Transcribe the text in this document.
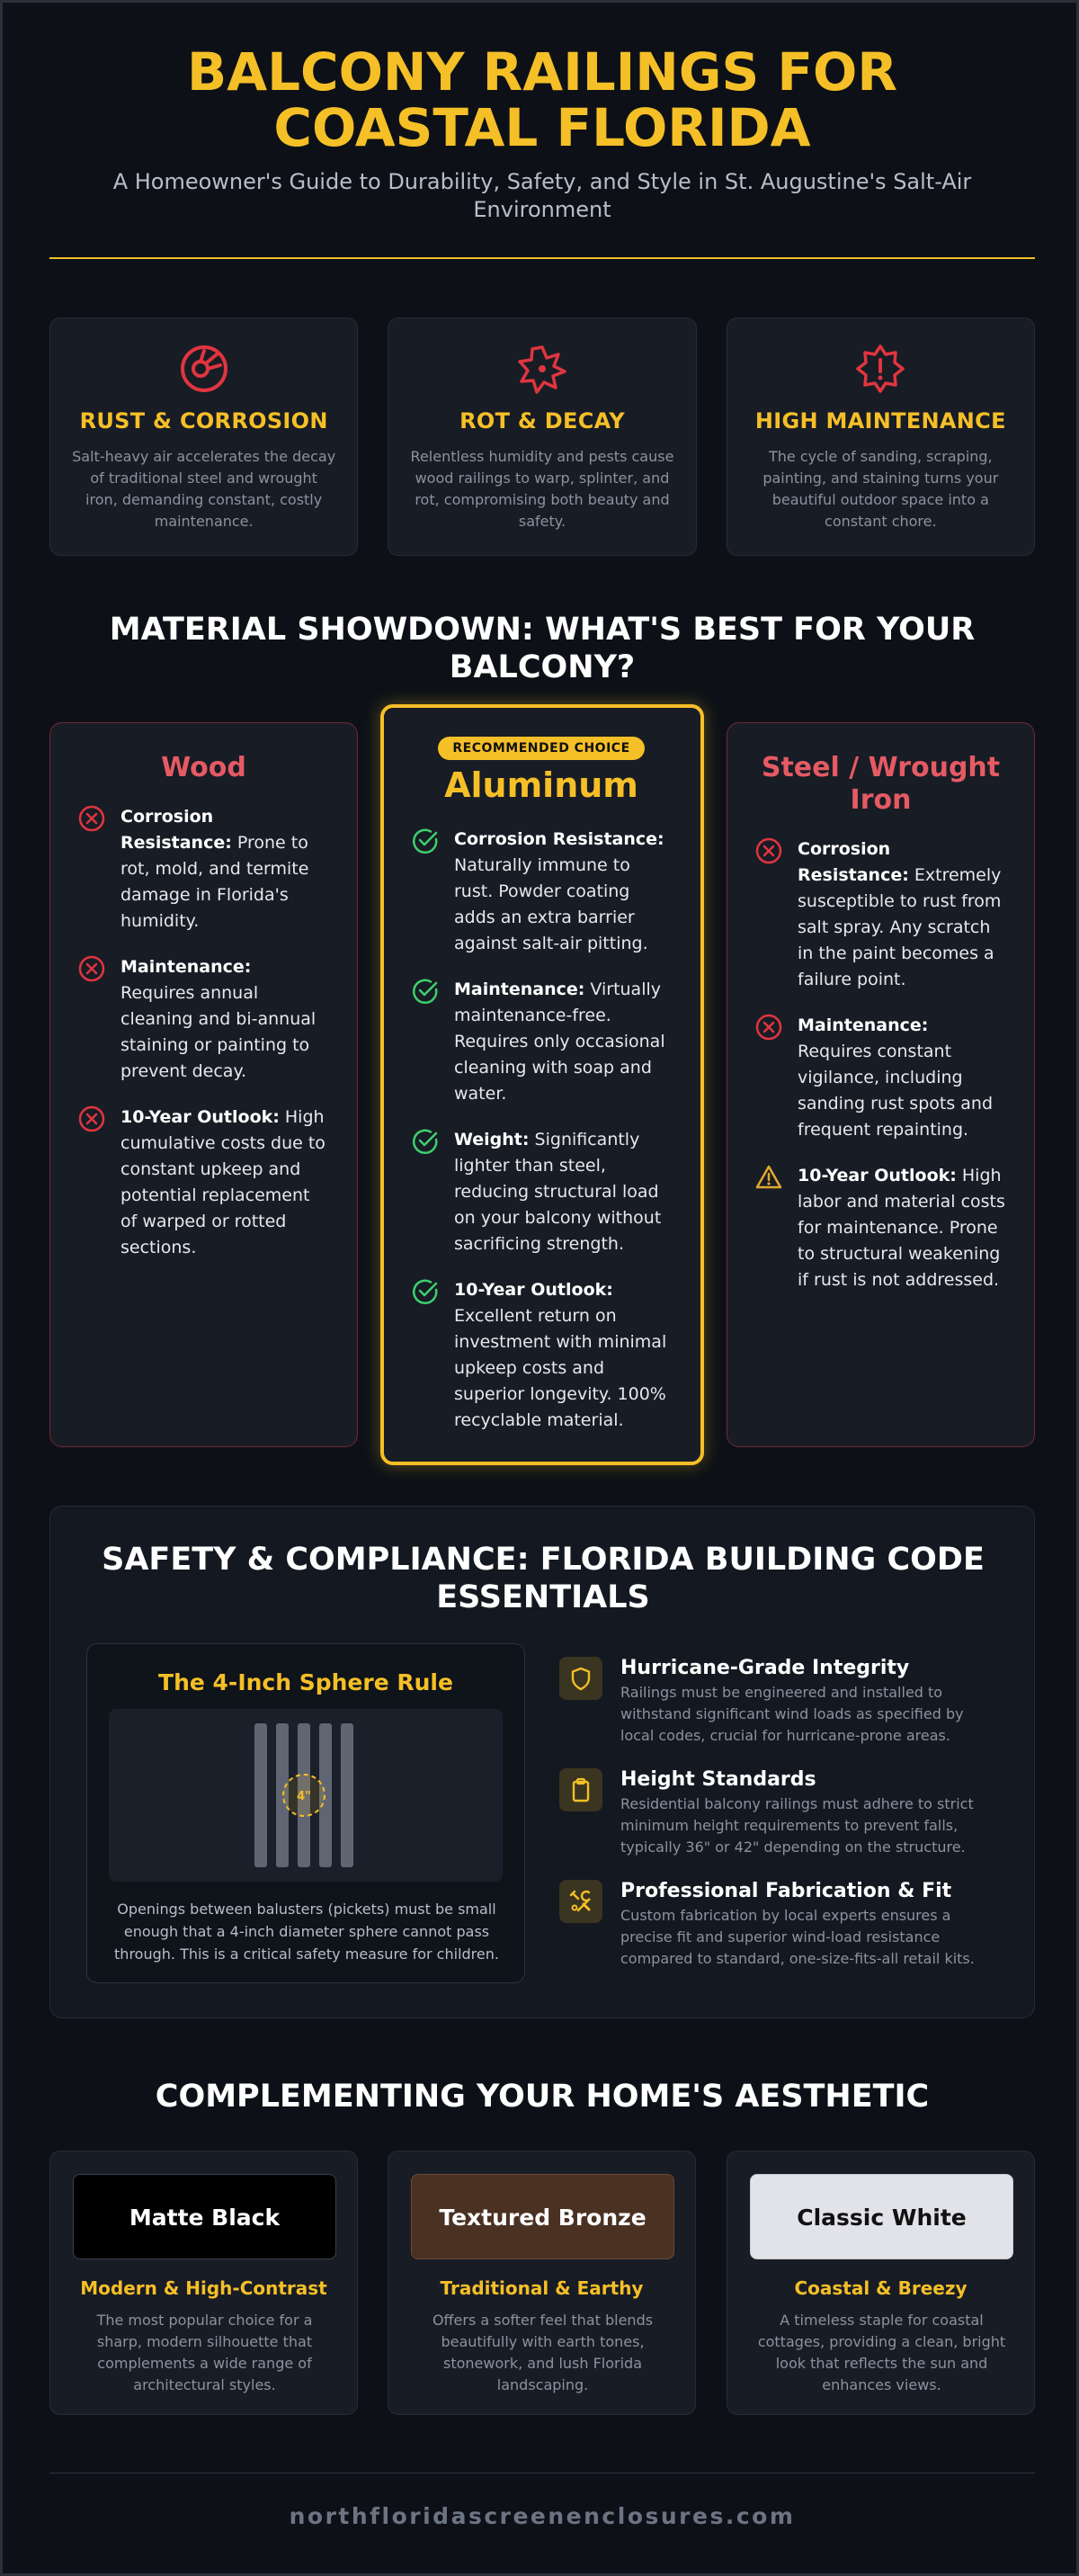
BALCONY RAILINGS FOR COASTAL FLORIDA

A Homeowner's Guide to Durability, Safety, and Style in St. Augustine's Salt-Air Environment

RUST & CORROSION

Salt-heavy air accelerates the decay of traditional steel and wrought iron, demanding constant, costly maintenance.

ROT & DECAY

Relentless humidity and pests cause wood railings to warp, splinter, and rot, compromising both beauty and safety.

HIGH MAINTENANCE

The cycle of sanding, scraping, painting, and staining turns your beautiful outdoor space into a constant chore.

MATERIAL SHOWDOWN: WHAT'S BEST FOR YOUR BALCONY?
Wood
Corrosion Resistance: Prone to rot, mold, and termite damage in Florida's humidity.
Maintenance: Requires annual cleaning and bi-annual staining or painting to prevent decay.
10-Year Outlook: High cumulative costs due to constant upkeep and potential replacement of warped or rotted sections.
RECOMMENDED CHOICE
Aluminum
Corrosion Resistance: Naturally immune to rust. Powder coating adds an extra barrier against salt-air pitting.
Maintenance: Virtually maintenance-free. Requires only occasional cleaning with soap and water.
Weight: Significantly lighter than steel, reducing structural load on your balcony without sacrificing strength.
10-Year Outlook: Excellent return on investment with minimal upkeep costs and superior longevity. 100% recyclable material.
Steel / Wrought Iron
Corrosion Resistance: Extremely susceptible to rust from salt spray. Any scratch in the paint becomes a failure point.
Maintenance: Requires constant vigilance, including sanding rust spots and frequent repainting.
10-Year Outlook: High labor and material costs for maintenance. Prone to structural weakening if rust is not addressed.
SAFETY & COMPLIANCE: FLORIDA BUILDING CODE ESSENTIALS
The 4-Inch Sphere Rule
4"

Openings between balusters (pickets) must be small enough that a 4-inch diameter sphere cannot pass through. This is a critical safety measure for children.

Hurricane-Grade Integrity

Railings must be engineered and installed to withstand significant wind loads as specified by local codes, crucial for hurricane-prone areas.

Height Standards

Residential balcony railings must adhere to strict minimum height requirements to prevent falls, typically 36" or 42" depending on the structure.

Professional Fabrication & Fit

Custom fabrication by local experts ensures a precise fit and superior wind-load resistance compared to standard, one-size-fits-all retail kits.

COMPLEMENTING YOUR HOME'S AESTHETIC
Matte Black
Modern & High-Contrast

The most popular choice for a sharp, modern silhouette that complements a wide range of architectural styles.

Textured Bronze
Traditional & Earthy

Offers a softer feel that blends beautifully with earth tones, stonework, and lush Florida landscaping.

Classic White
Coastal & Breezy

A timeless staple for coastal cottages, providing a clean, bright look that reflects the sun and enhances views.

northfloridascreenenclosures.com
